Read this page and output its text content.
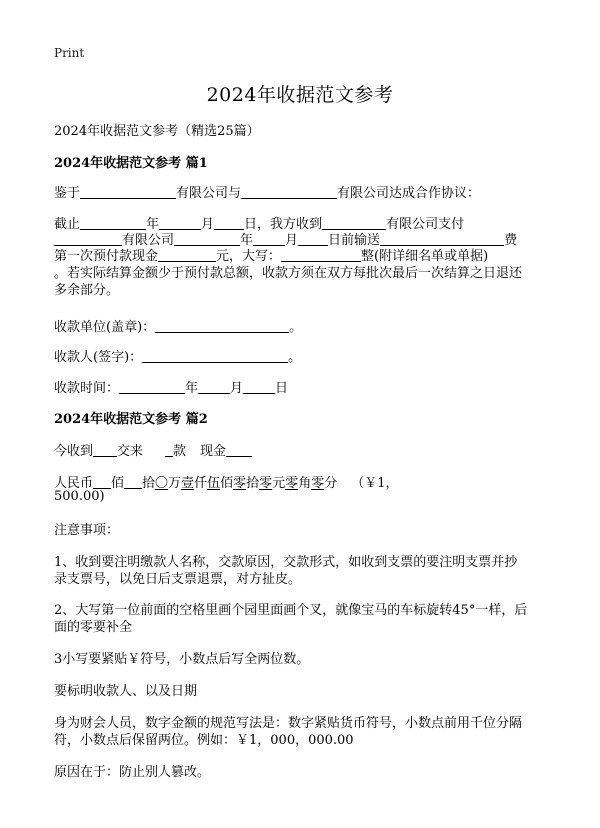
Print
2024年收据范文参考
2024年收据范文参考（精选25篇）
2024年收据范文参考 篇1
鉴于	有限公司与	有限公司达成合作协议：
截止	年	月 日，我方收到	有限公司支付
有限公司	年 月 日前输送	费
第一次预付款现金	元，大写：	整(附详细名单或单据)
。若实际结算金额少于预付款总额，收款方须在双方每批次最后一次结算之日退还
多余部分。
收款单位(盖章)：	。
收款人(签字)：	。
收款时间：	年 月 日
2024年收据范文参考 篇2
今收到 交来 款 现金
人民币 佰 拾〇万壹仟伍佰零拾零元零角零分 （￥1，
500.00)
注意事项：
1、收到要注明缴款人名称，交款原因，交款形式，如收到支票的要注明支票并抄
录支票号，以免日后支票退票，对方扯皮。
2、大写第一位前面的空格里画个园里面画个叉，就像宝马的车标旋转45°一样，后
面的零要补全
3小写要紧贴￥符号，小数点后写全两位数。
要标明收款人、以及日期
身为财会人员，数字金额的规范写法是：数字紧贴货币符号，小数点前用千位分隔
符，小数点后保留两位。例如：￥1，000，000.00
原因在于：防止别人篡改。
